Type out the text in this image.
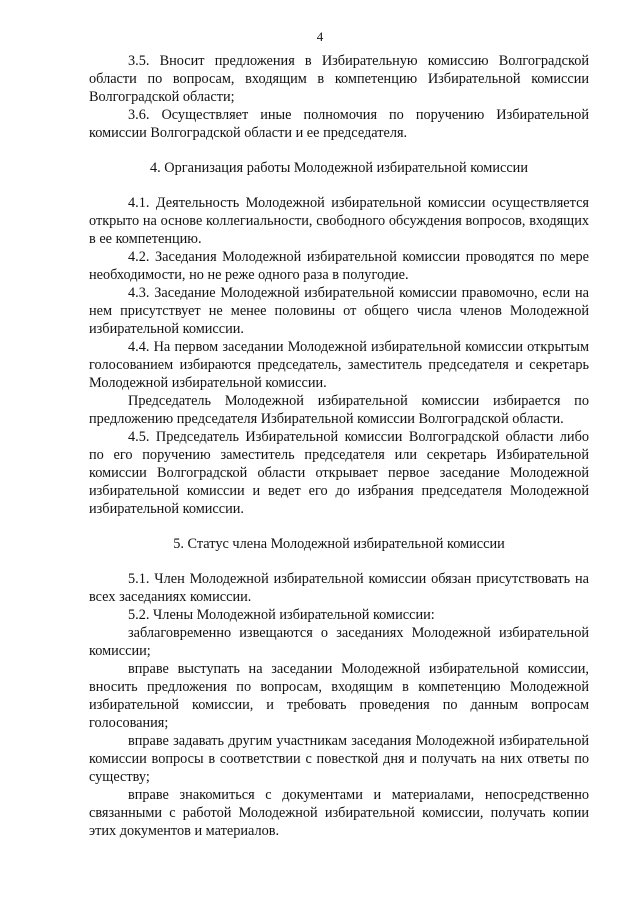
4

3.5. Вносит предложения в Избирательную комиссию Волгоградской области по вопросам, входящим в компетенцию Избирательной комиссии Волгоградской области;

3.6. Осуществляет иные полномочия по поручению Избирательной комиссии Волгоградской области и ее председателя.

4. Организация работы Молодежной избирательной комиссии

4.1. Деятельность Молодежной избирательной комиссии осуществляется открыто на основе коллегиальности, свободного обсуждения вопросов, входящих в ее компетенцию.

4.2. Заседания Молодежной избирательной комиссии проводятся по мере необходимости, но не реже одного раза в полугодие.

4.3. Заседание Молодежной избирательной комиссии правомочно, если на нем присутствует не менее половины от общего числа членов Молодежной избирательной комиссии.

4.4. На первом заседании Молодежной избирательной комиссии открытым голосованием избираются председатель, заместитель председателя и секретарь Молодежной избирательной комиссии.

Председатель Молодежной избирательной комиссии избирается по предложению председателя Избирательной комиссии Волгоградской области.

4.5. Председатель Избирательной комиссии Волгоградской области либо по его поручению заместитель председателя или секретарь Избирательной комиссии Волгоградской области открывает первое заседание Молодежной избирательной комиссии и ведет его до избрания председателя Молодежной избирательной комиссии.

5. Статус члена Молодежной избирательной комиссии

5.1. Член Молодежной избирательной комиссии обязан присутствовать на всех заседаниях комиссии.

5.2. Члены Молодежной избирательной комиссии:

заблаговременно извещаются о заседаниях Молодежной избирательной комиссии;

вправе выступать на заседании Молодежной избирательной комиссии, вносить предложения по вопросам, входящим в компетенцию Молодежной избирательной комиссии, и требовать проведения по данным вопросам голосования;

вправе задавать другим участникам заседания Молодежной избирательной комиссии вопросы в соответствии с повесткой дня и получать на них ответы по существу;

вправе знакомиться с документами и материалами, непосредственно связанными с работой Молодежной избирательной комиссии, получать копии этих документов и материалов.
